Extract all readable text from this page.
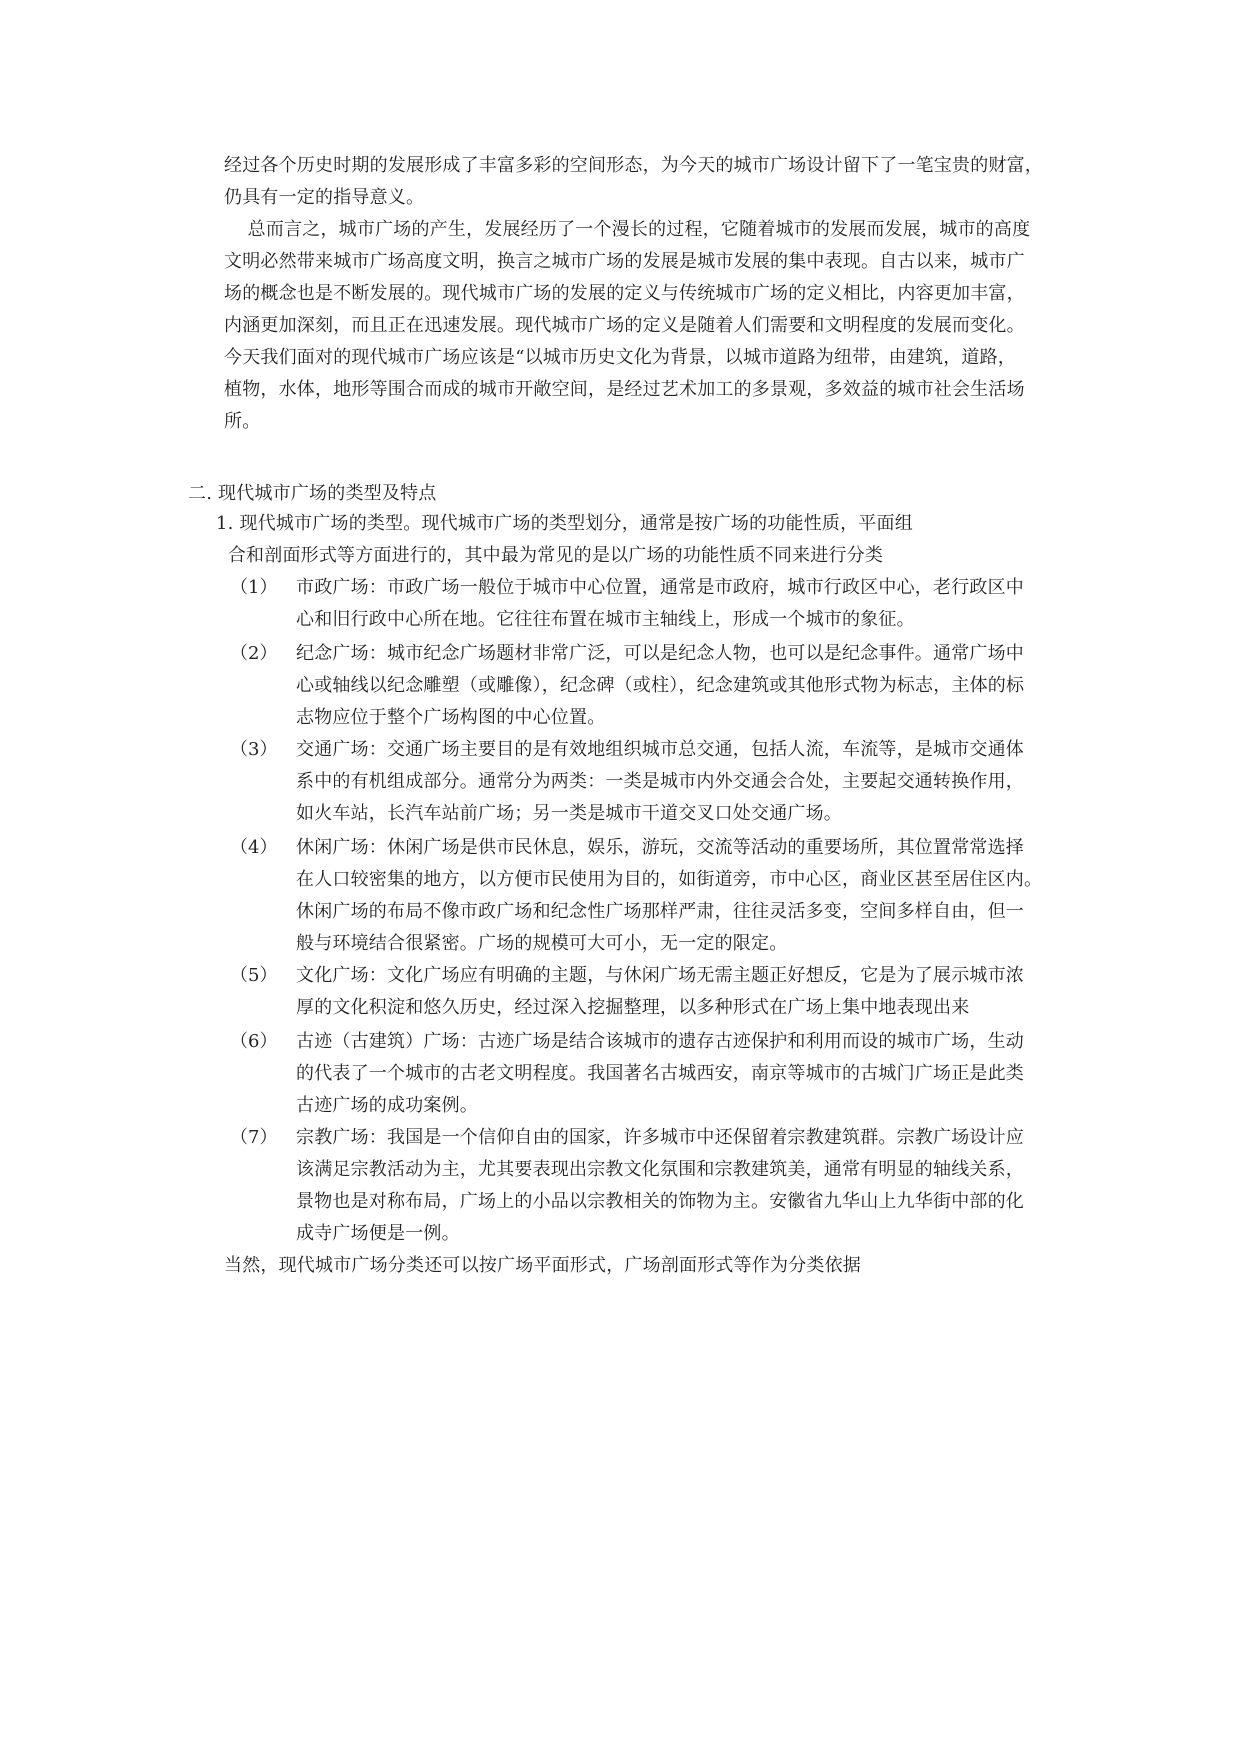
经过各个历史时期的发展形成了丰富多彩的空间形态，为今天的城市广场设计留下了一笔宝贵的财富，
仍具有一定的指导意义。
总而言之，城市广场的产生，发展经历了一个漫长的过程，它随着城市的发展而发展，城市的高度
文明必然带来城市广场高度文明，换言之城市广场的发展是城市发展的集中表现。自古以来，城市广
场的概念也是不断发展的。现代城市广场的发展的定义与传统城市广场的定义相比，内容更加丰富，
内涵更加深刻，而且正在迅速发展。现代城市广场的定义是随着人们需要和文明程度的发展而变化。
今天我们面对的现代城市广场应该是“以城市历史文化为背景，以城市道路为纽带，由建筑，道路，
植物，水体，地形等围合而成的城市开敞空间，是经过艺术加工的多景观，多效益的城市社会生活场
所。
二. 现代城市广场的类型及特点
1. 现代城市广场的类型。现代城市广场的类型划分，通常是按广场的功能性质，平面组
合和剖面形式等方面进行的，其中最为常见的是以广场的功能性质不同来进行分类
（1） 市政广场：市政广场一般位于城市中心位置，通常是市政府，城市行政区中心，老行政区中
心和旧行政中心所在地。它往往布置在城市主轴线上，形成一个城市的象征。
（2） 纪念广场：城市纪念广场题材非常广泛，可以是纪念人物，也可以是纪念事件。通常广场中
心或轴线以纪念雕塑（或雕像），纪念碑（或柱），纪念建筑或其他形式物为标志，主体的标
志物应位于整个广场构图的中心位置。
（3） 交通广场：交通广场主要目的是有效地组织城市总交通，包括人流，车流等，是城市交通体
系中的有机组成部分。通常分为两类：一类是城市内外交通会合处，主要起交通转换作用，
如火车站，长汽车站前广场；另一类是城市干道交叉口处交通广场。
（4） 休闲广场：休闲广场是供市民休息，娱乐，游玩，交流等活动的重要场所，其位置常常选择
在人口较密集的地方，以方便市民使用为目的，如街道旁，市中心区，商业区甚至居住区内。
休闲广场的布局不像市政广场和纪念性广场那样严肃，往往灵活多变，空间多样自由，但一
般与环境结合很紧密。广场的规模可大可小，无一定的限定。
（5） 文化广场：文化广场应有明确的主题，与休闲广场无需主题正好想反，它是为了展示城市浓
厚的文化积淀和悠久历史，经过深入挖掘整理，以多种形式在广场上集中地表现出来
（6） 古迹（古建筑）广场：古迹广场是结合该城市的遗存古迹保护和利用而设的城市广场，生动
的代表了一个城市的古老文明程度。我国著名古城西安，南京等城市的古城门广场正是此类
古迹广场的成功案例。
（7） 宗教广场：我国是一个信仰自由的国家，许多城市中还保留着宗教建筑群。宗教广场设计应
该满足宗教活动为主，尤其要表现出宗教文化氛围和宗教建筑美，通常有明显的轴线关系，
景物也是对称布局，广场上的小品以宗教相关的饰物为主。安徽省九华山上九华街中部的化
成寺广场便是一例。
当然，现代城市广场分类还可以按广场平面形式，广场剖面形式等作为分类依据
